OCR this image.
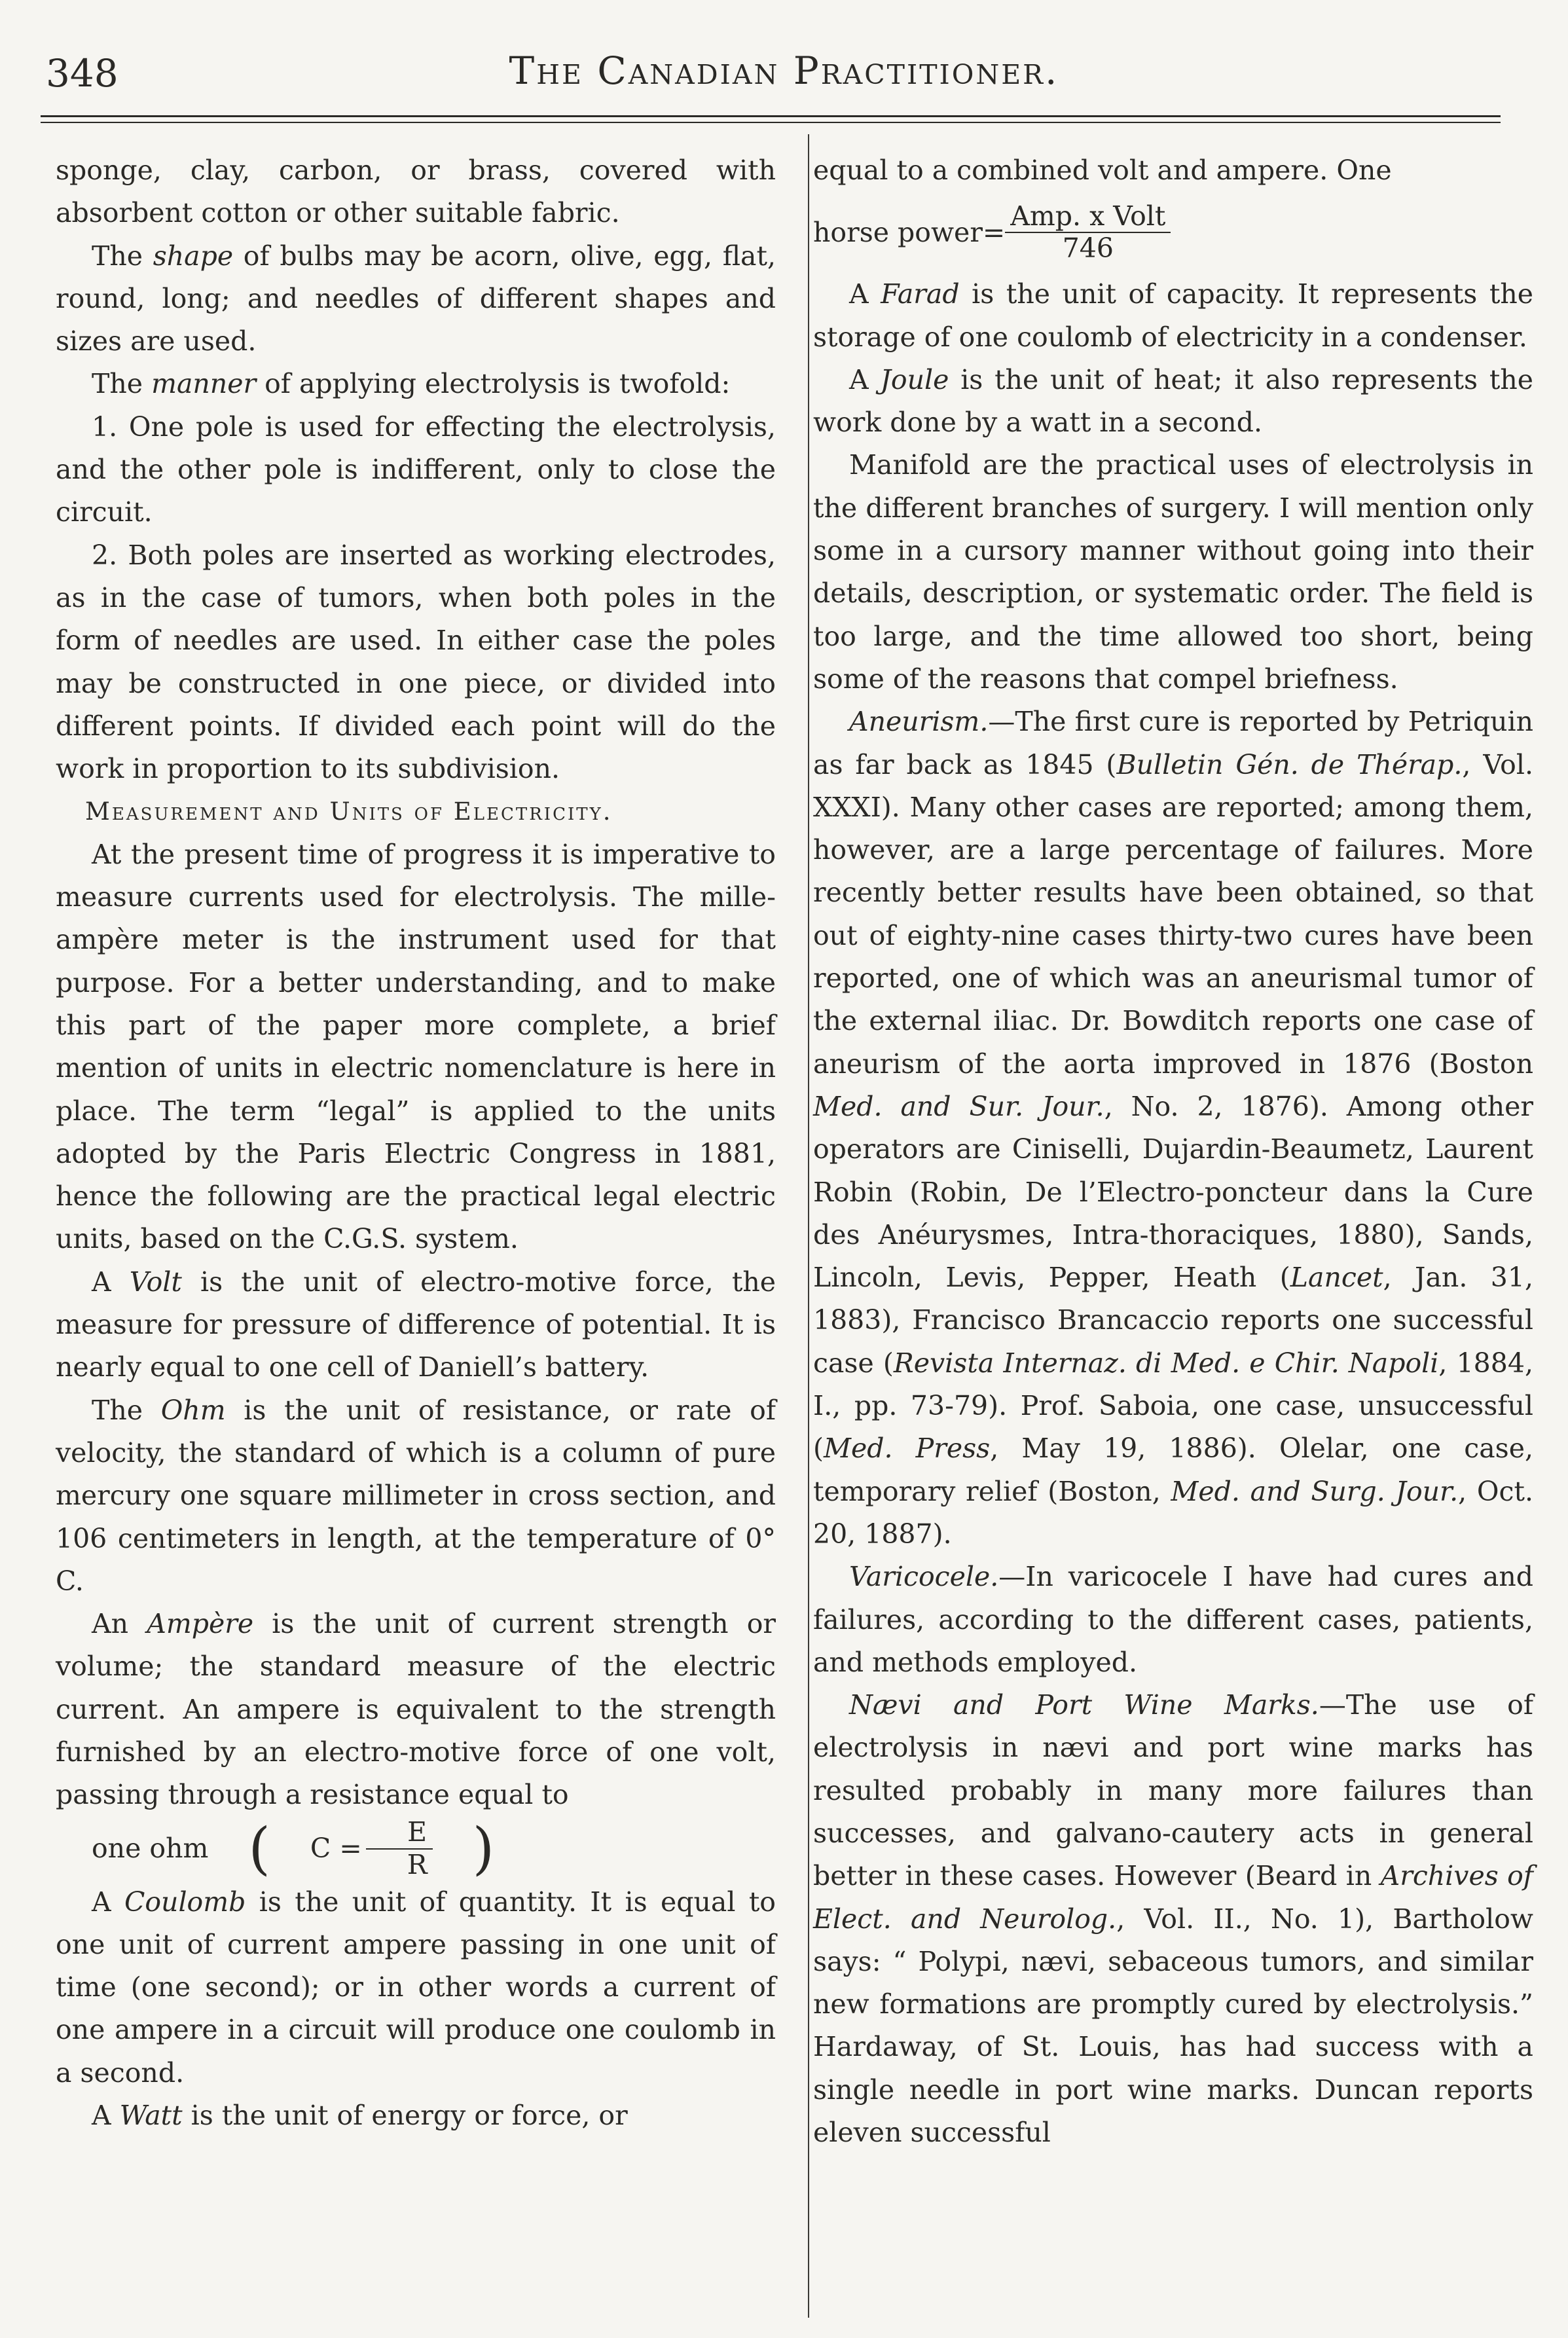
348	The Canadian Practitioner.

sponge, clay, carbon, or brass, covered with absorbent cotton or other suitable fabric.

The shape of bulbs may be acorn, olive, egg, flat, round, long; and needles of different shapes and sizes are used.

The manner of applying electrolysis is twofold:

1. One pole is used for effecting the electrolysis, and the other pole is indifferent, only to close the circuit.

2. Both poles are inserted as working electrodes, as in the case of tumors, when both poles in the form of needles are used. In either case the poles may be constructed in one piece, or divided into different points. If divided each point will do the work in proportion to its subdivision.

Measurement and Units of Electricity.

At the present time of progress it is imperative to measure currents used for electrolysis. The mille-ampère meter is the instrument used for that purpose. For a better understanding, and to make this part of the paper more complete, a brief mention of units in electric nomenclature is here in place. The term “legal” is applied to the units adopted by the Paris Electric Congress in 1881, hence the following are the practical legal electric units, based on the C.G.S. system.

A Volt is the unit of electro-motive force, the measure for pressure of difference of potential. It is nearly equal to one cell of Daniell’s battery.

The Ohm is the unit of resistance, or rate of velocity, the standard of which is a column of pure mercury one square millimeter in cross section, and 106 centimeters in length, at the temperature of 0° C.

An Ampère is the unit of current strength or volume; the standard measure of the electric current. An ampere is equivalent to the strength furnished by an electro-motive force of one volt, passing through a resistance equal to

one ohm (	$C = \frac{E}{R}$ )

A Coulomb is the unit of quantity. It is equal to one unit of current ampere passing in one unit of time (one second); or in other words a current of one ampere in a circuit will produce one coulomb in a second.

A Watt is the unit of energy or force, or

equal to a combined volt and ampere. One

horse power= $\frac{\text{Amp. x Volt}}{746}$

A Farad is the unit of capacity. It represents the storage of one coulomb of electricity in a condenser.

A Joule is the unit of heat; it also represents the work done by a watt in a second.

Manifold are the practical uses of electrolysis in the different branches of surgery. I will mention only some in a cursory manner without going into their details, description, or systematic order. The field is too large, and the time allowed too short, being some of the reasons that compel briefness.

Aneurism.—The first cure is reported by Petriquin as far back as 1845 (Bulletin Gén. de Thérap., Vol. XXXI). Many other cases are reported; among them, however, are a large percentage of failures. More recently better results have been obtained, so that out of eighty-nine cases thirty-two cures have been reported, one of which was an aneurismal tumor of the external iliac. Dr. Bowditch reports one case of aneurism of the aorta improved in 1876 (Boston Med. and Sur. Jour., No. 2, 1876). Among other operators are Ciniselli, Dujardin-Beaumetz, Laurent Robin (Robin, De l’Electro-poncteur dans la Cure des Anéurysmes, Intra-thoraciques, 1880), Sands, Lincoln, Levis, Pepper, Heath (Lancet, Jan. 31, 1883), Francisco Brancaccio reports one successful case (Revista Internaz. di Med. e Chir. Napoli, 1884, I., pp. 73-79). Prof. Saboia, one case, unsuccessful (Med. Press, May 19, 1886). Olelar, one case, temporary relief (Boston, Med. and Surg. Jour., Oct. 20, 1887).

Varicocele.—In varicocele I have had cures and failures, according to the different cases, patients, and methods employed.

Nævi and Port Wine Marks.—The use of electrolysis in nævi and port wine marks has resulted probably in many more failures than successes, and galvano-cautery acts in general better in these cases. However (Beard in Archives of Elect. and Neurolog., Vol. II., No. 1), Bartholow says: “ Polypi, nævi, sebaceous tumors, and similar new formations are promptly cured by electrolysis.” Hardaway, of St. Louis, has had success with a single needle in port wine marks. Duncan reports eleven successful
